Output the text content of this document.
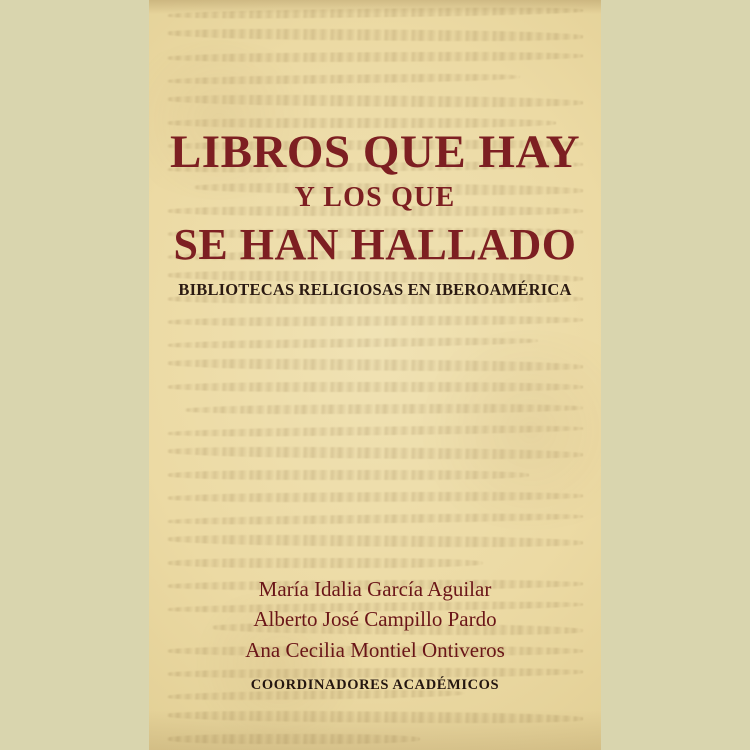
LIBROS QUE HAY
Y LOS QUE
SE HAN HALLADO

BIBLIOTECAS RELIGIOSAS EN IBEROAMÉRICA

María Idalia García Aguilar

Alberto José Campillo Pardo

Ana Cecilia Montiel Ontiveros

COORDINADORES ACADÉMICOS
